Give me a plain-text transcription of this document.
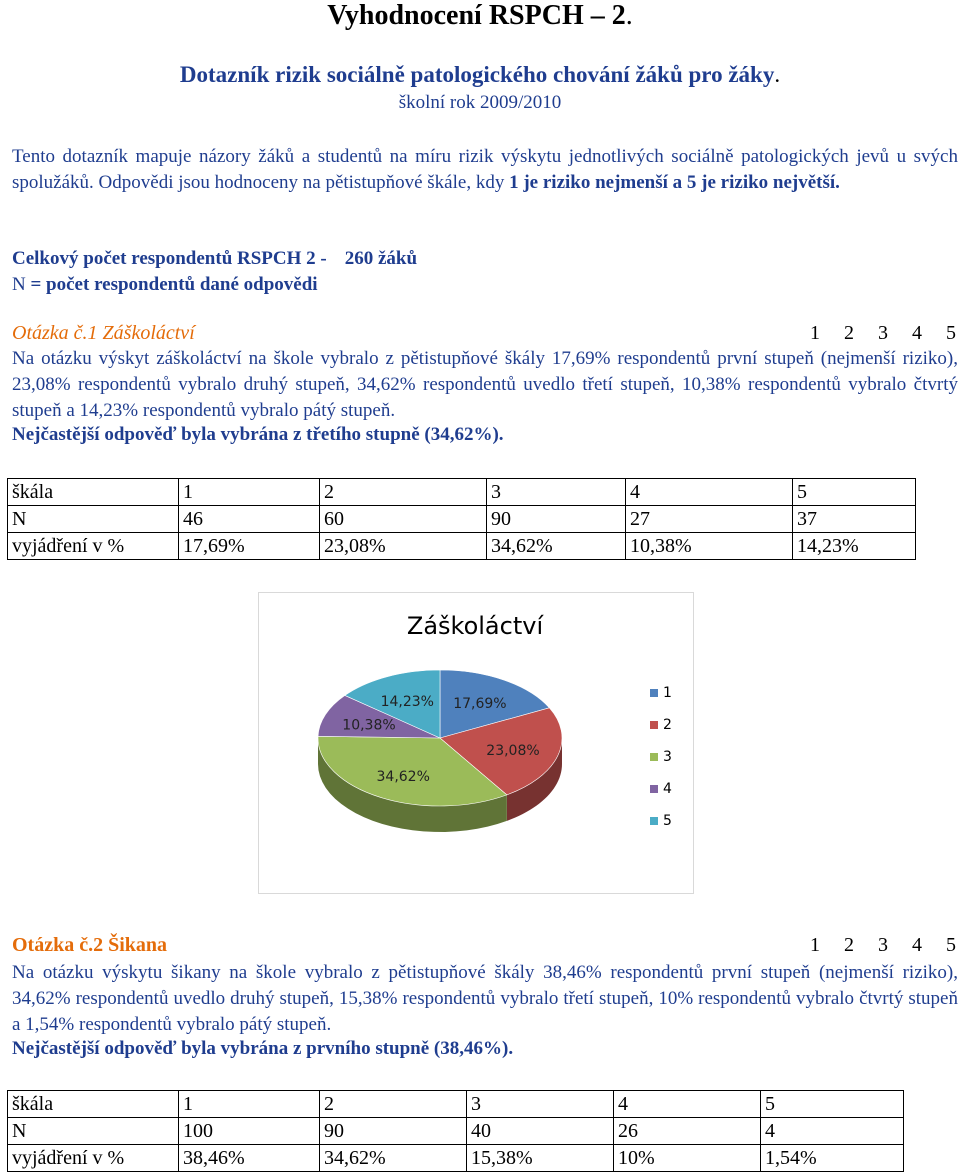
Vyhodnocení RSPCH – 2.
Dotazník rizik sociálně patologického chování žáků pro žáky.
školní rok 2009/2010
Tento dotazník mapuje názory žáků a studentů na míru rizik výskytu jednotlivých sociálně patologických jevů u svých spolužáků. Odpovědi jsou hodnoceny na pětistupňové škále, kdy 1 je riziko nejmenší a 5 je riziko největší.
Celkový počet respondentů RSPCH 2 - 260 žáků
N = počet respondentů dané odpovědi
Otázka č.1 Záškoláctví	1 2 3 4 5
Na otázku výskyt záškoláctví na škole vybralo z pětistupňové škály 17,69% respondentů první stupeň (nejmenší riziko), 23,08% respondentů vybralo druhý stupeň, 34,62% respondentů uvedlo třetí stupeň, 10,38% respondentů vybralo čtvrtý stupeň a 14,23% respondentů vybralo pátý stupeň.
Nejčastější odpověď byla vybrána z třetího stupně (34,62%).
škála	1	2	3	4	5
N	46	60	90	27	37
vyjádření v %	17,69%	23,08%	34,62%	10,38%	14,23%
Záškoláctví
17,69%
23,08%
34,62%
10,38%
14,23%
1
2
3
4
5
Otázka č.2 Šikana	1 2 3 4 5
Na otázku výskytu šikany na škole vybralo z pětistupňové škály 38,46% respondentů první stupeň (nejmenší riziko), 34,62% respondentů uvedlo druhý stupeň, 15,38% respondentů vybralo třetí stupeň, 10% respondentů vybralo čtvrtý stupeň a 1,54% respondentů vybralo pátý stupeň.
Nejčastější odpověď byla vybrána z prvního stupně (38,46%).
škála	1	2	3	4	5
N	100	90	40	26	4
vyjádření v %	38,46%	34,62%	15,38%	10%	1,54%
